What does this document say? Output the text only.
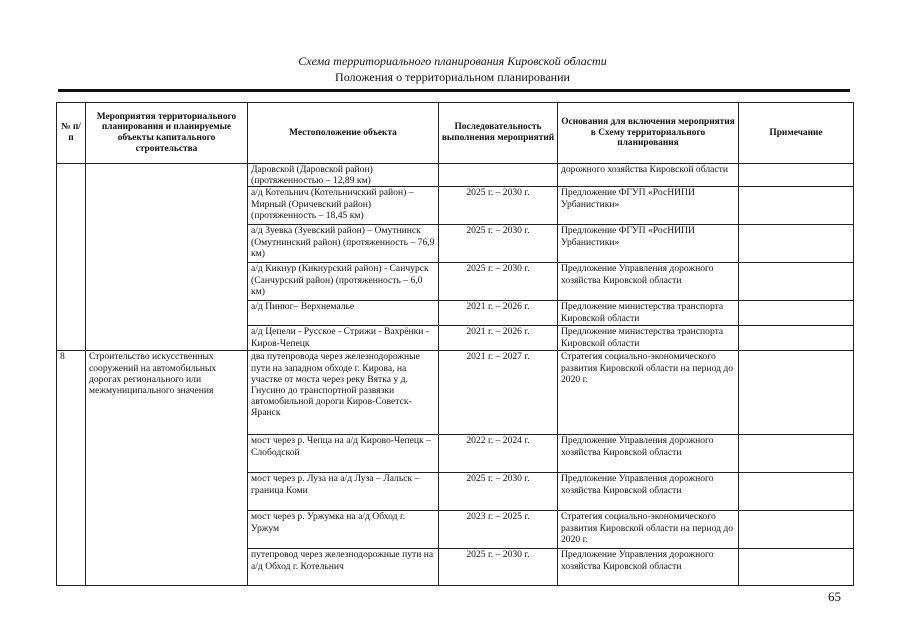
Схема территориального планирования Кировской области
Положения о территориальном планировании
№ п/п	Мероприятия территориального планирования и планируемые объекты капитального строительства	Местоположение объекта	Последовательность выполнения мероприятий	Основания для включения мероприятия в Схему территориального планирования	Примечание
		Даровской (Даровской район) (протяженностью – 12,89 км)		дорожного хозяйства Кировской области	
		а/д Котельнич (Котельничский район) – Мирный (Оричевский район) (протяженность – 18,45 км)	2025 г. – 2030 г.	Предложение ФГУП «РосНИПИ Урбанистики»	
		а/д Зуевка (Зуевский район) – Омутнинск (Омутнинский район) (протяженность – 76,9 км)	2025 г. – 2030 г.	Предложение ФГУП «РосНИПИ Урбанистики»	
		а/д Кикнур (Кикнурский район) - Санчурск (Санчурский район) (протяженность – 6,0 км)	2025 г. – 2030 г.	Предложение Управления дорожного хозяйства Кировской области	
		а/д Пинюг– Верхнемалье	2021 г. – 2026 г.	Предложение министерства транспорта Кировской области	
		а/д Цепели - Русское - Стрижи - Вахрёнки - Киров-Чепецк	2021 г. – 2026 г.	Предложение министерства транспорта Кировской области	
8	Строительство искусственных сооружений на автомобильных дорогах регионального или межмуниципального значения	два путепровода через железнодорожные пути на западном обходе г. Кирова, на участке от моста через реку Вятка у д. Гнусино до транспортной развязки автомобильной дороги Киров-Советск-Яранск	2021 г. – 2027 г.	Стратегия социально-экономического развития Кировской области на период до 2020 г.	
		мост через р. Чепца на а/д Кирово-Чепецк – Слободской	2022 г. – 2024 г.	Предложение Управления дорожного хозяйства Кировской области	
		мост через р. Луза на а/д Луза – Лальск – граница Коми	2025 г. – 2030 г.	Предложение Управления дорожного хозяйства Кировской области	
		мост через р. Уржумка на а/д Обход г. Уржум	2023 г. – 2025 г.	Стратегия социально-экономического развития Кировской области на период до 2020 г.	
		путепровод через железнодорожные пути на а/д Обход г. Котельнич	2025 г. – 2030 г.	Предложение Управления дорожного хозяйства Кировской области	
65
